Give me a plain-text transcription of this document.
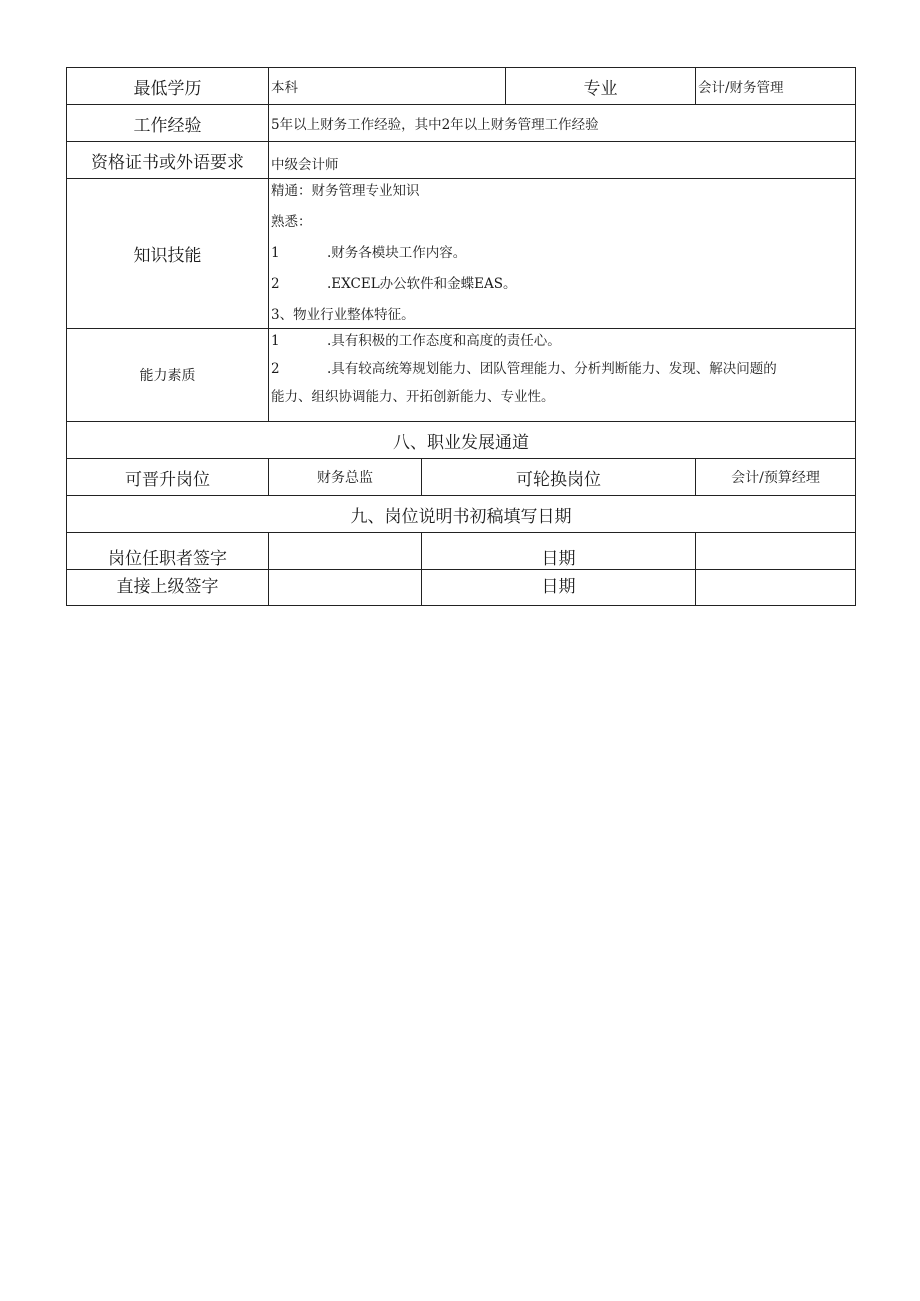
最低学历	本科		专业	会计/财务管理
工作经验	5年以上财务工作经验，其中2年以上财务管理工作经验			
资格证书或外语要求	中级会计师			
知识技能	精通：财务管理专业知识
熟悉：
1 .财务各模块工作内容。
2 .EXCEL办公软件和金蝶EAS。
3、物业行业整体特征。			

能力素质	1 .具有积极的工作态度和高度的责任心。
2 .具有较高统筹规划能力、团队管理能力、分析判断能力、发现、解决问题的
能力、组织协调能力、开拓创新能力、专业性。			

八、职业发展通道				
可晋升岗位	财务总监	可轮换岗位		会计/预算经理
九、岗位说明书初稿填写日期				
岗位任职者签字		日期		
直接上级签字		日期		
